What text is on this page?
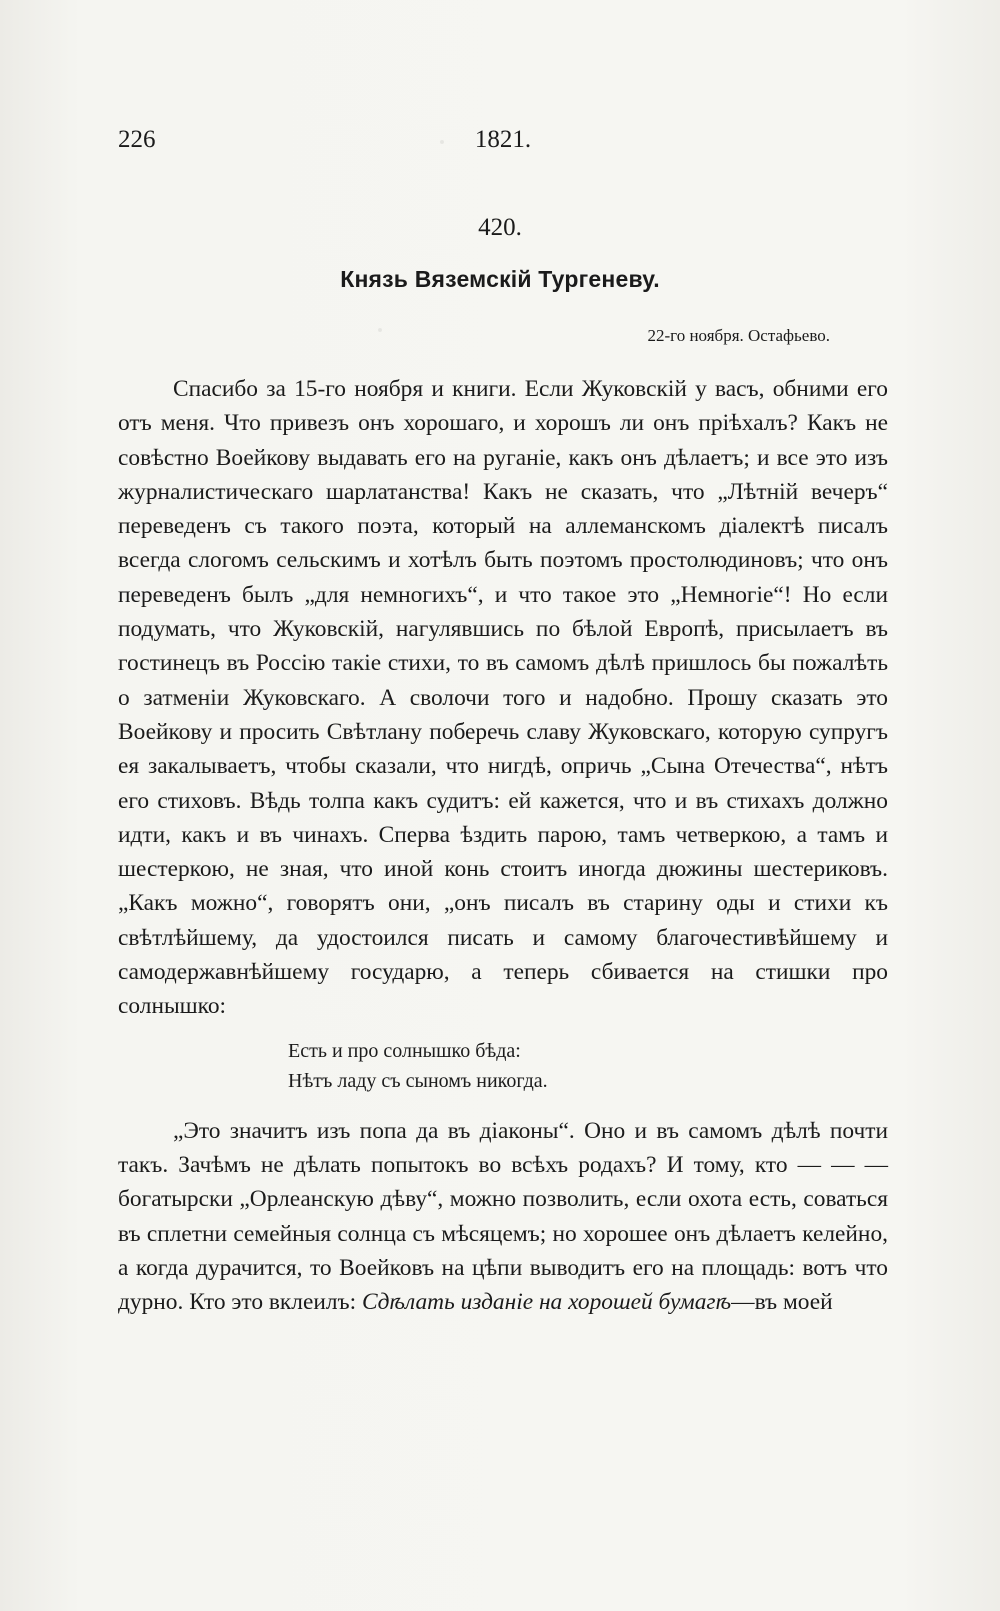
226	1821.
420.
Князь Вяземскій Тургеневу.
22-го ноября. Остафьево.

Спасибо за 15-го ноября и книги. Если Жуковскій у васъ, обними его отъ меня. Что привезъ онъ хорошаго, и хорошъ ли онъ пріѣхалъ? Какъ не совѣстно Воейкову выдавать его на руганіе, какъ онъ дѣлаетъ; и все это изъ журналистическаго шарлатанства! Какъ не сказать, что „Лѣтній вечеръ“ переведенъ съ такого поэта, который на аллеманскомъ діалектѣ писалъ всегда слогомъ сельскимъ и хотѣлъ быть поэтомъ простолюдиновъ; что онъ переведенъ былъ „для немногихъ“, и что такое это „Немногіе“! Но если подумать, что Жуковскій, нагулявшись по бѣлой Европѣ, присылаетъ въ гостинецъ въ Россію такіе стихи, то въ самомъ дѣлѣ пришлось бы пожалѣть о затменіи Жуковскаго. А сволочи того и надобно. Прошу сказать это Воейкову и просить Свѣтлану поберечь славу Жуковскаго, которую супругъ ея закалываетъ, чтобы сказали, что нигдѣ, опричь „Сына Отечества“, нѣтъ его стиховъ. Вѣдь толпа какъ судитъ: ей кажется, что и въ стихахъ должно идти, какъ и въ чинахъ. Сперва ѣздить парою, тамъ четверкою, а тамъ и шестеркою, не зная, что иной конь стоитъ иногда дюжины шестериковъ. „Какъ можно“, говорятъ они, „онъ писалъ въ старину оды и стихи къ свѣтлѣйшему, да удостоился писать и самому благочестивѣйшему и самодержавнѣйшему государю, а теперь сбивается на стишки про солнышко:

Есть и про солнышко бѣда:
Нѣтъ ладу съ сыномъ никогда.

„Это значитъ изъ попа да въ діаконы“. Оно и въ самомъ дѣлѣ почти такъ. Зачѣмъ не дѣлать попытокъ во всѣхъ родахъ? И тому, кто — — — богатырски „Орлеанскую дѣву“, можно позволить, если охота есть, соваться въ сплетни семейныя солнца съ мѣсяцемъ; но хорошее онъ дѣлаетъ келейно, а когда дурачится, то Воейковъ на цѣпи выводитъ его на площадь: вотъ что дурно. Кто это вклеилъ: Сдѣлать изданіе на хорошей бумагѣ—въ моей
